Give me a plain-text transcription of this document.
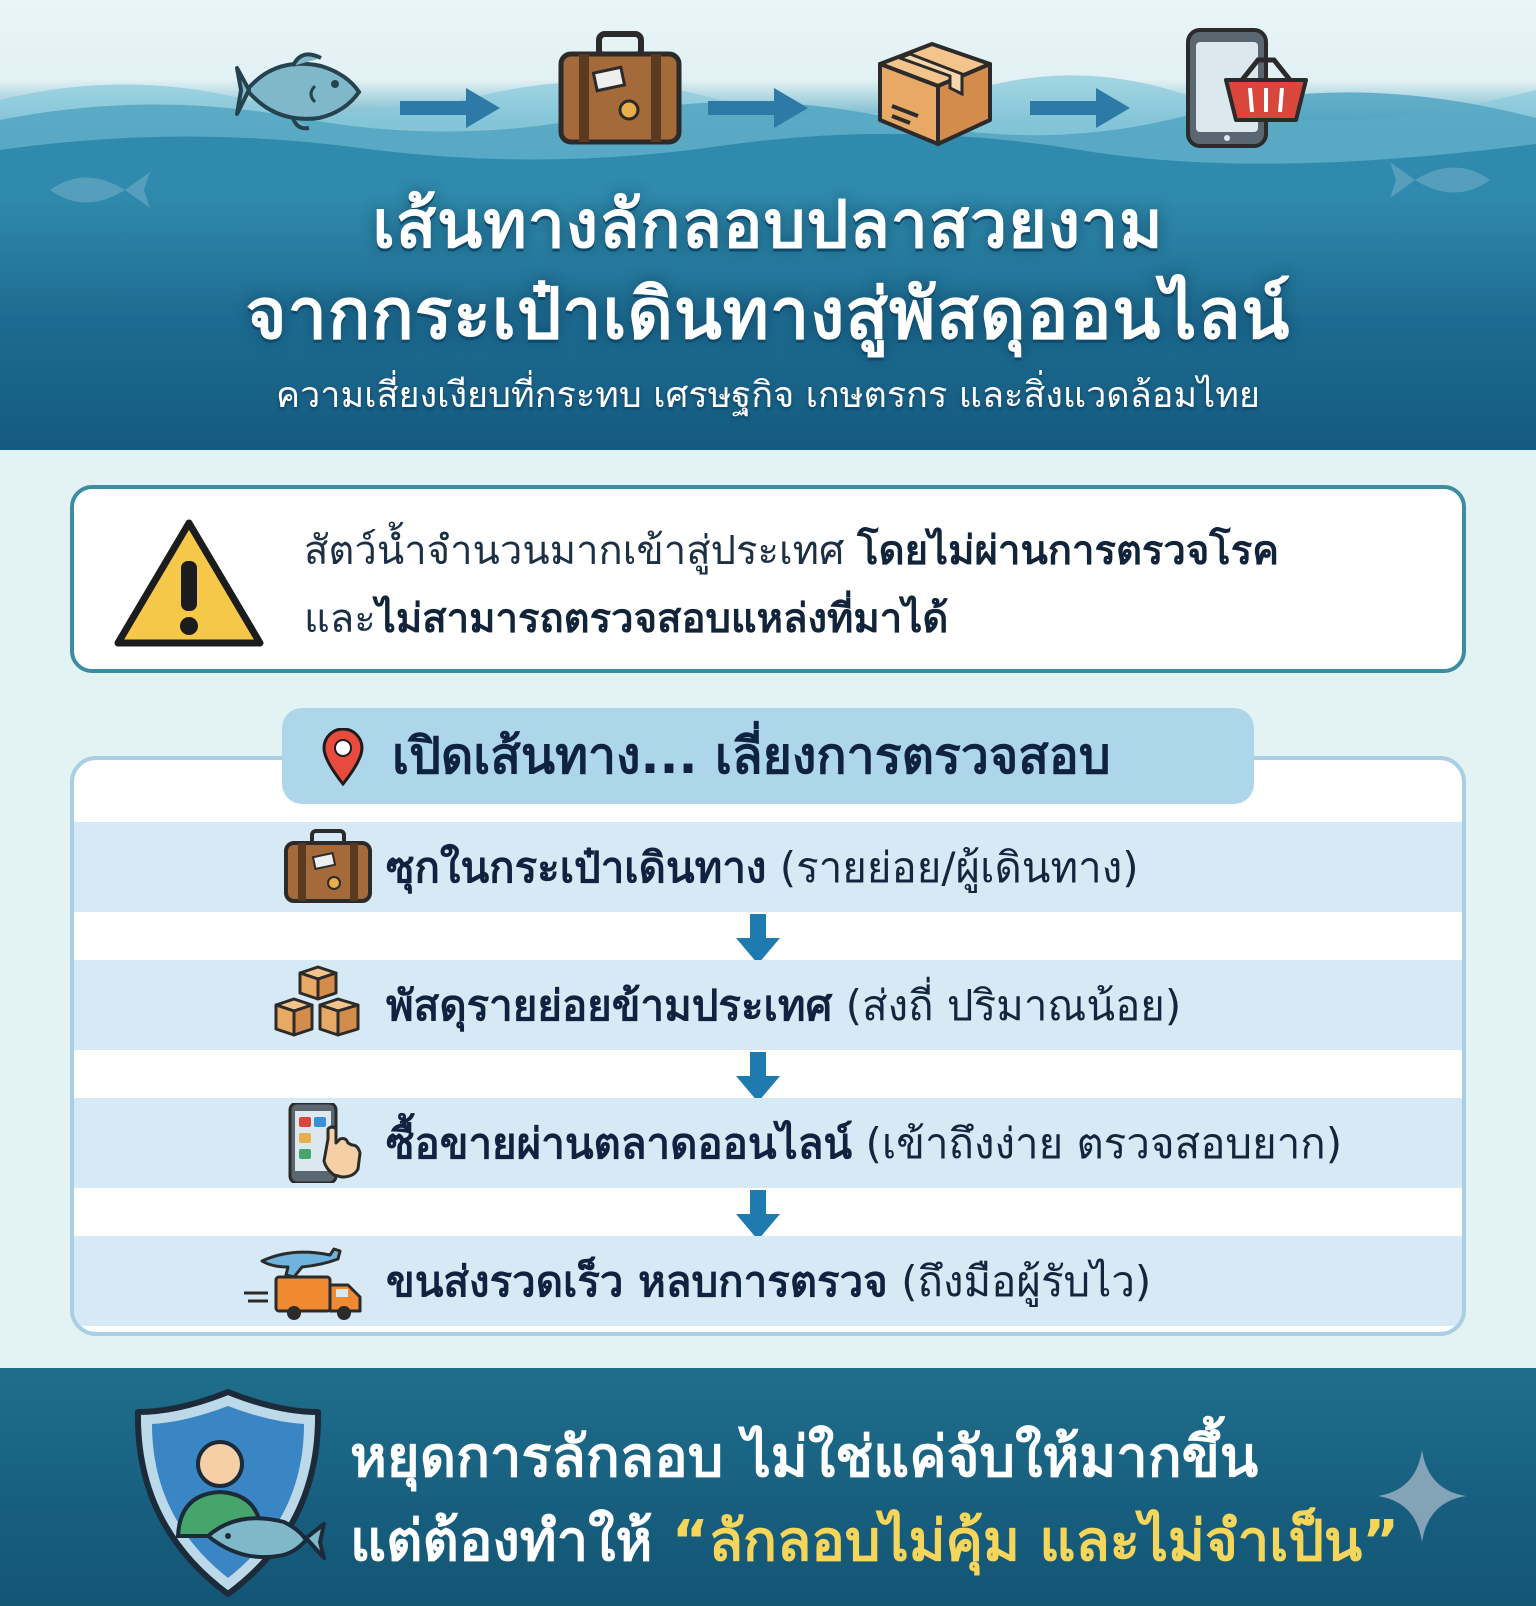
เส้นทางลักลอบปลาสวยงาม
จากกระเป๋าเดินทางสู่พัสดุออนไลน์
ความเสี่ยงเงียบที่กระทบ เศรษฐกิจ เกษตรกร และสิ่งแวดล้อมไทย
สัตว์น้ำจำนวนมากเข้าสู่ประเทศ โดยไม่ผ่านการตรวจโรค
และไม่สามารถตรวจสอบแหล่งที่มาได้
ซุกในกระเป๋าเดินทาง (รายย่อย/ผู้เดินทาง)
พัสดุรายย่อยข้ามประเทศ (ส่งถี่ ปริมาณน้อย)
ซื้อขายผ่านตลาดออนไลน์ (เข้าถึงง่าย ตรวจสอบยาก)
ขนส่งรวดเร็ว หลบการตรวจ (ถึงมือผู้รับไว)
เปิดเส้นทาง... เลี่ยงการตรวจสอบ
หยุดการลักลอบ ไม่ใช่แค่จับให้มากขึ้น
แต่ต้องทำให้ “ลักลอบไม่คุ้ม และไม่จำเป็น”
